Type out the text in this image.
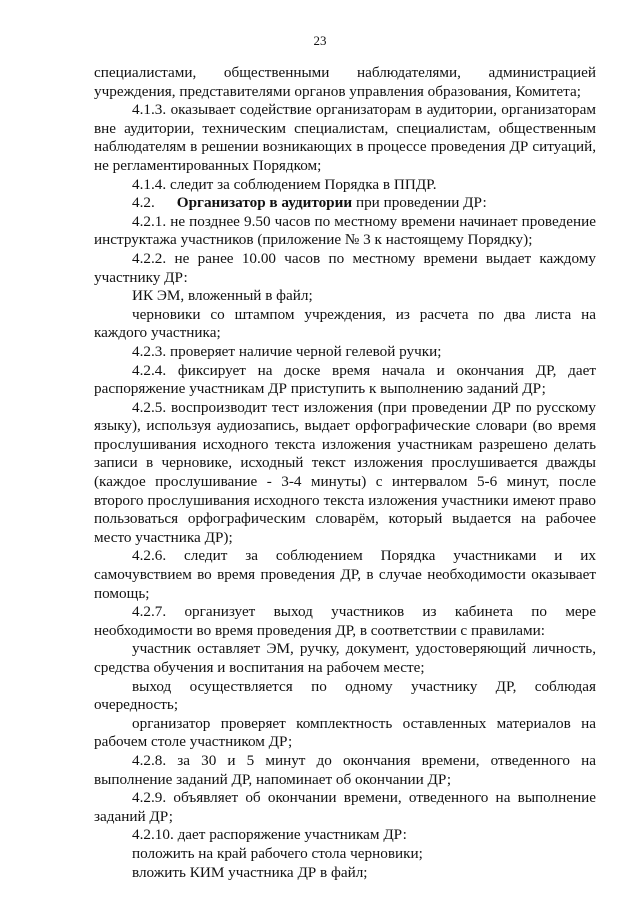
23

специалистами, общественными наблюдателями, администрацией учреждения, представителями органов управления образования, Комитета;

4.1.3. оказывает содействие организаторам в аудитории, организаторам вне аудитории, техническим специалистам, специалистам, общественным наблюдателям в решении возникающих в процессе проведения ДР ситуаций, не регламентированных Порядком;

4.1.4. следит за соблюдением Порядка в ППДР.

4.2. Организатор в аудитории при проведении ДР:

4.2.1. не позднее 9.50 часов по местному времени начинает проведение инструктажа участников (приложение № 3 к настоящему Порядку);

4.2.2. не ранее 10.00 часов по местному времени выдает каждому участнику ДР:

ИК ЭМ, вложенный в файл;

черновики со штампом учреждения, из расчета по два листа на каждого участника;

4.2.3. проверяет наличие черной гелевой ручки;

4.2.4. фиксирует на доске время начала и окончания ДР, дает распоряжение участникам ДР приступить к выполнению заданий ДР;

4.2.5. воспроизводит тест изложения (при проведении ДР по русскому языку), используя аудиозапись, выдает орфографические словари (во время прослушивания исходного текста изложения участникам разрешено делать записи в черновике, исходный текст изложения прослушивается дважды (каждое прослушивание - 3-4 минуты) с интервалом 5-6 минут, после второго прослушивания исходного текста изложения участники имеют право пользоваться орфографическим словарём, который выдается на рабочее место участника ДР);

4.2.6. следит за соблюдением Порядка участниками и их самочувствием во время проведения ДР, в случае необходимости оказывает помощь;

4.2.7. организует выход участников из кабинета по мере необходимости во время проведения ДР, в соответствии с правилами:

участник оставляет ЭМ, ручку, документ, удостоверяющий личность, средства обучения и воспитания на рабочем месте;

выход осуществляется по одному участнику ДР, соблюдая очередность;

организатор проверяет комплектность оставленных материалов на рабочем столе участником ДР;

4.2.8. за 30 и 5 минут до окончания времени, отведенного на выполнение заданий ДР, напоминает об окончании ДР;

4.2.9. объявляет об окончании времени, отведенного на выполнение заданий ДР;

4.2.10. дает распоряжение участникам ДР:

положить на край рабочего стола черновики;

вложить КИМ участника ДР в файл;
